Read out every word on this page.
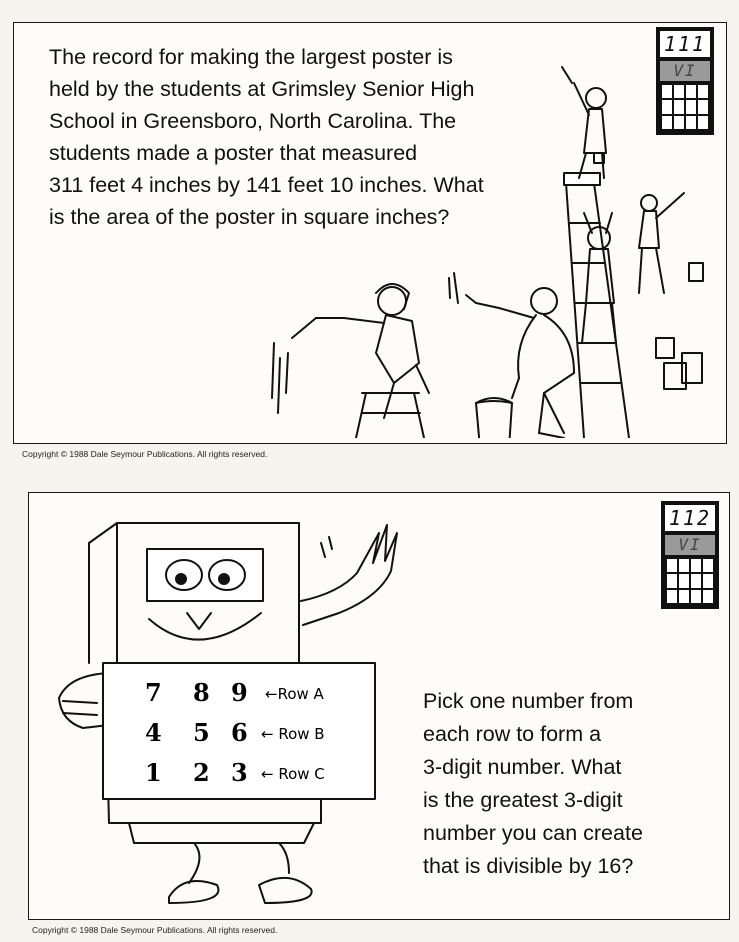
The record for making the largest poster is
held by the students at Grimsley Senior High
School in Greensboro, North Carolina. The
students made a poster that measured
311 feet 4 inches by 141 feet 10 inches. What
is the area of the poster in square inches?
111
VI
Copyright © 1988 Dale Seymour Publications. All rights reserved.
112
VI
7 8 9 ←Row A
4 5 6 ← Row B
1 2 3 ← Row C
Pick one number from
each row to form a
3-digit number. What
is the greatest 3-digit
number you can create
that is divisible by 16?
Copyright © 1988 Dale Seymour Publications. All rights reserved.
